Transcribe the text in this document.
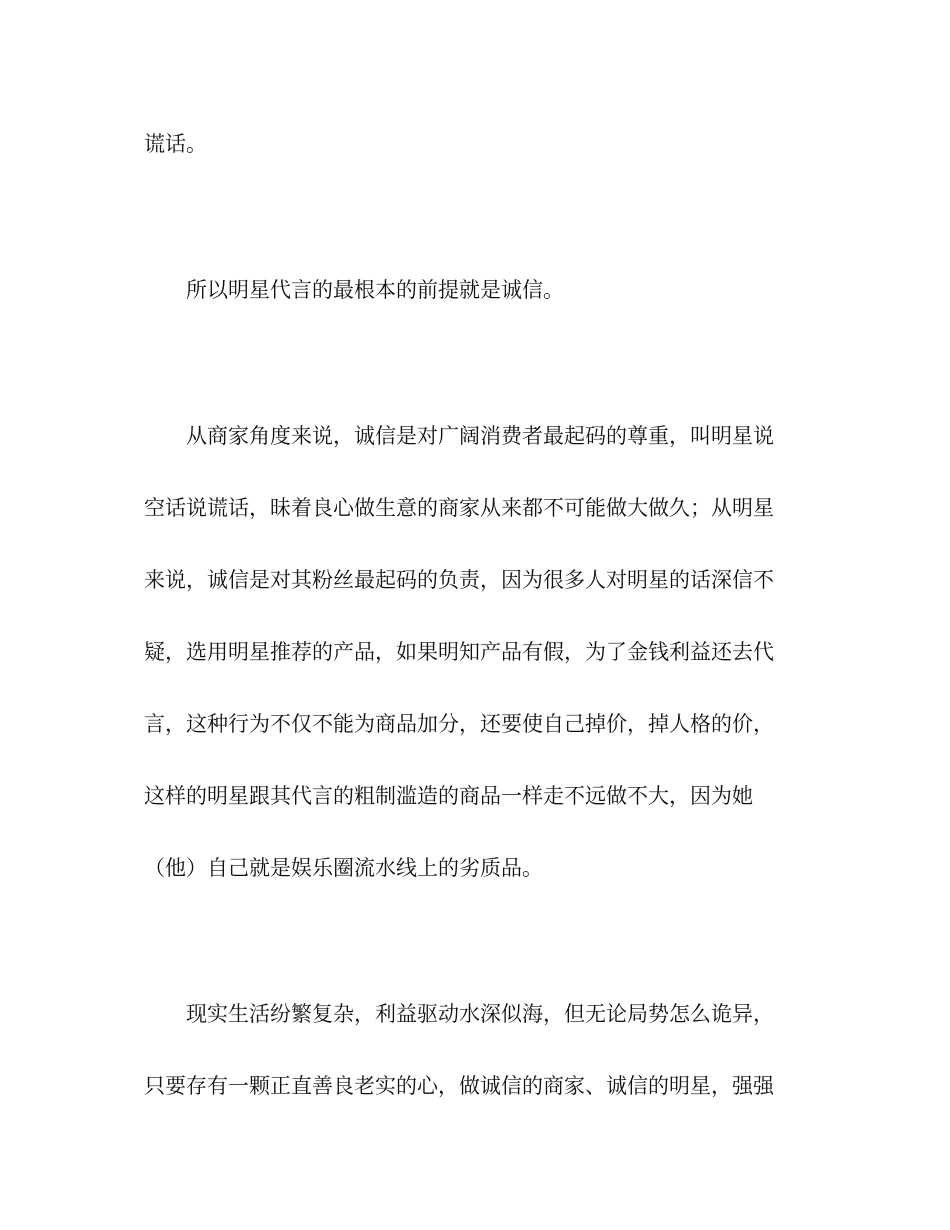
谎话。
所以明星代言的最根本的前提就是诚信。
从商家角度来说，诚信是对广阔消费者最起码的尊重，叫明星说
空话说谎话，昧着良心做生意的商家从来都不可能做大做久；从明星
来说，诚信是对其粉丝最起码的负责，因为很多人对明星的话深信不
疑，选用明星推荐的产品，如果明知产品有假，为了金钱利益还去代
言，这种行为不仅不能为商品加分，还要使自己掉价，掉人格的价，
这样的明星跟其代言的粗制滥造的商品一样走不远做不大，因为她
（他）自己就是娱乐圈流水线上的劣质品。
现实生活纷繁复杂，利益驱动水深似海，但无论局势怎么诡异，
只要存有一颗正直善良老实的心，做诚信的商家、诚信的明星，强强
